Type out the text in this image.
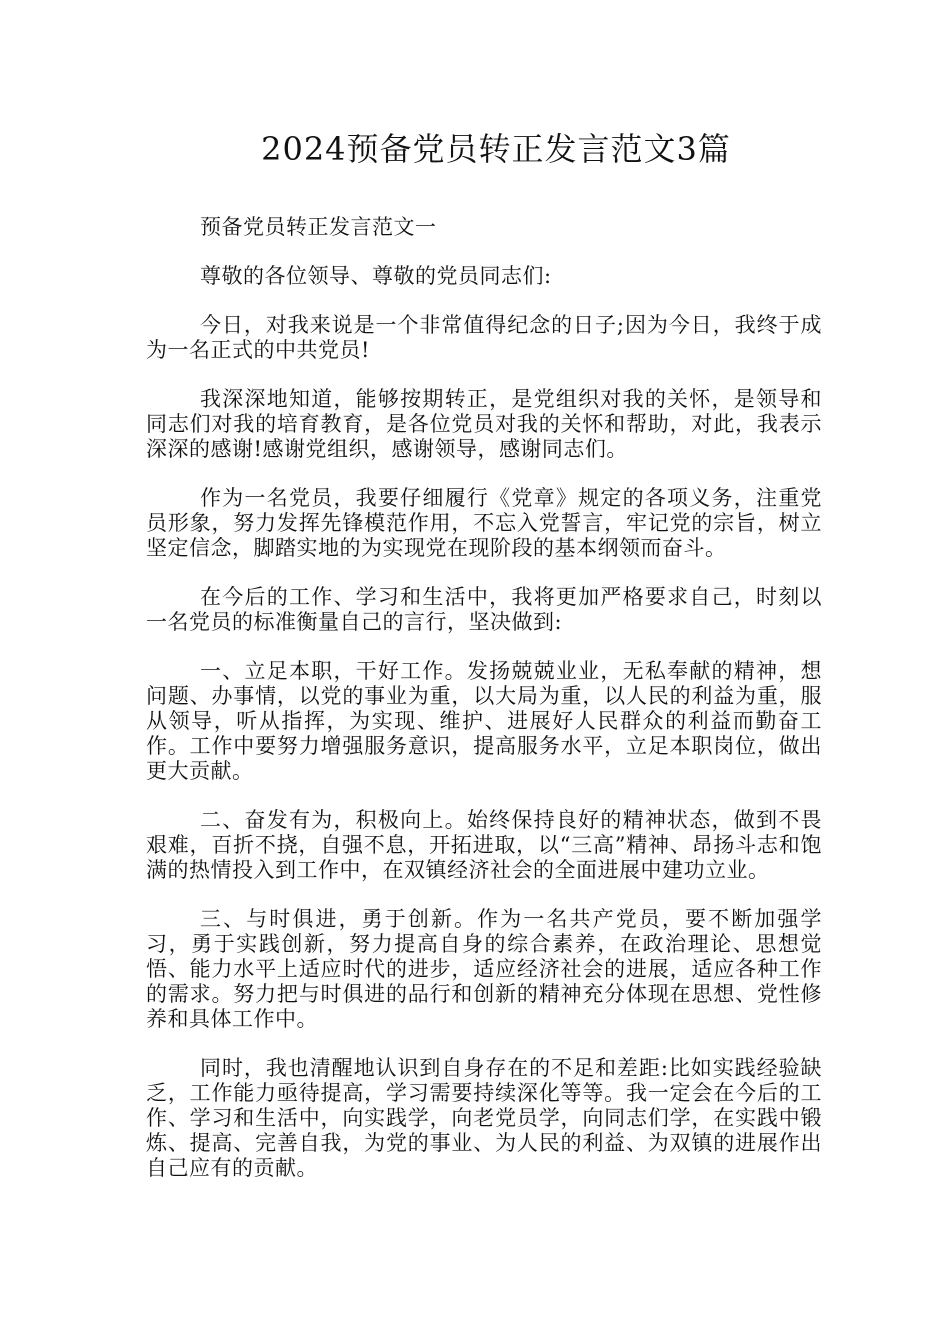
2024预备党员转正发言范文3篇

预备党员转正发言范文一

尊敬的各位领导、尊敬的党员同志们:

今日，对我来说是一个非常值得纪念的日子;因为今日，我终于成为一名正式的中共党员!

我深深地知道，能够按期转正，是党组织对我的关怀，是领导和同志们对我的培育教育，是各位党员对我的关怀和帮助，对此，我表示深深的感谢!感谢党组织，感谢领导，感谢同志们。

作为一名党员，我要仔细履行《党章》规定的各项义务，注重党员形象，努力发挥先锋模范作用，不忘入党誓言，牢记党的宗旨，树立坚定信念，脚踏实地的为实现党在现阶段的基本纲领而奋斗。

在今后的工作、学习和生活中，我将更加严格要求自己，时刻以一名党员的标准衡量自己的言行，坚决做到:

一、立足本职，干好工作。发扬兢兢业业，无私奉献的精神，想问题、办事情，以党的事业为重，以大局为重，以人民的利益为重，服从领导，听从指挥，为实现、维护、进展好人民群众的利益而勤奋工作。工作中要努力增强服务意识，提高服务水平，立足本职岗位，做出更大贡献。

二、奋发有为，积极向上。始终保持良好的精神状态，做到不畏艰难，百折不挠，自强不息，开拓进取，以“三高”精神、昂扬斗志和饱满的热情投入到工作中，在双镇经济社会的全面进展中建功立业。

三、与时俱进，勇于创新。作为一名共产党员，要不断加强学习，勇于实践创新，努力提高自身的综合素养，在政治理论、思想觉悟、能力水平上适应时代的进步，适应经济社会的进展，适应各种工作的需求。努力把与时俱进的品行和创新的精神充分体现在思想、党性修养和具体工作中。

同时，我也清醒地认识到自身存在的不足和差距:比如实践经验缺乏，工作能力亟待提高，学习需要持续深化等等。我一定会在今后的工作、学习和生活中，向实践学，向老党员学，向同志们学，在实践中锻炼、提高、完善自我，为党的事业、为人民的利益、为双镇的进展作出自己应有的贡献。
